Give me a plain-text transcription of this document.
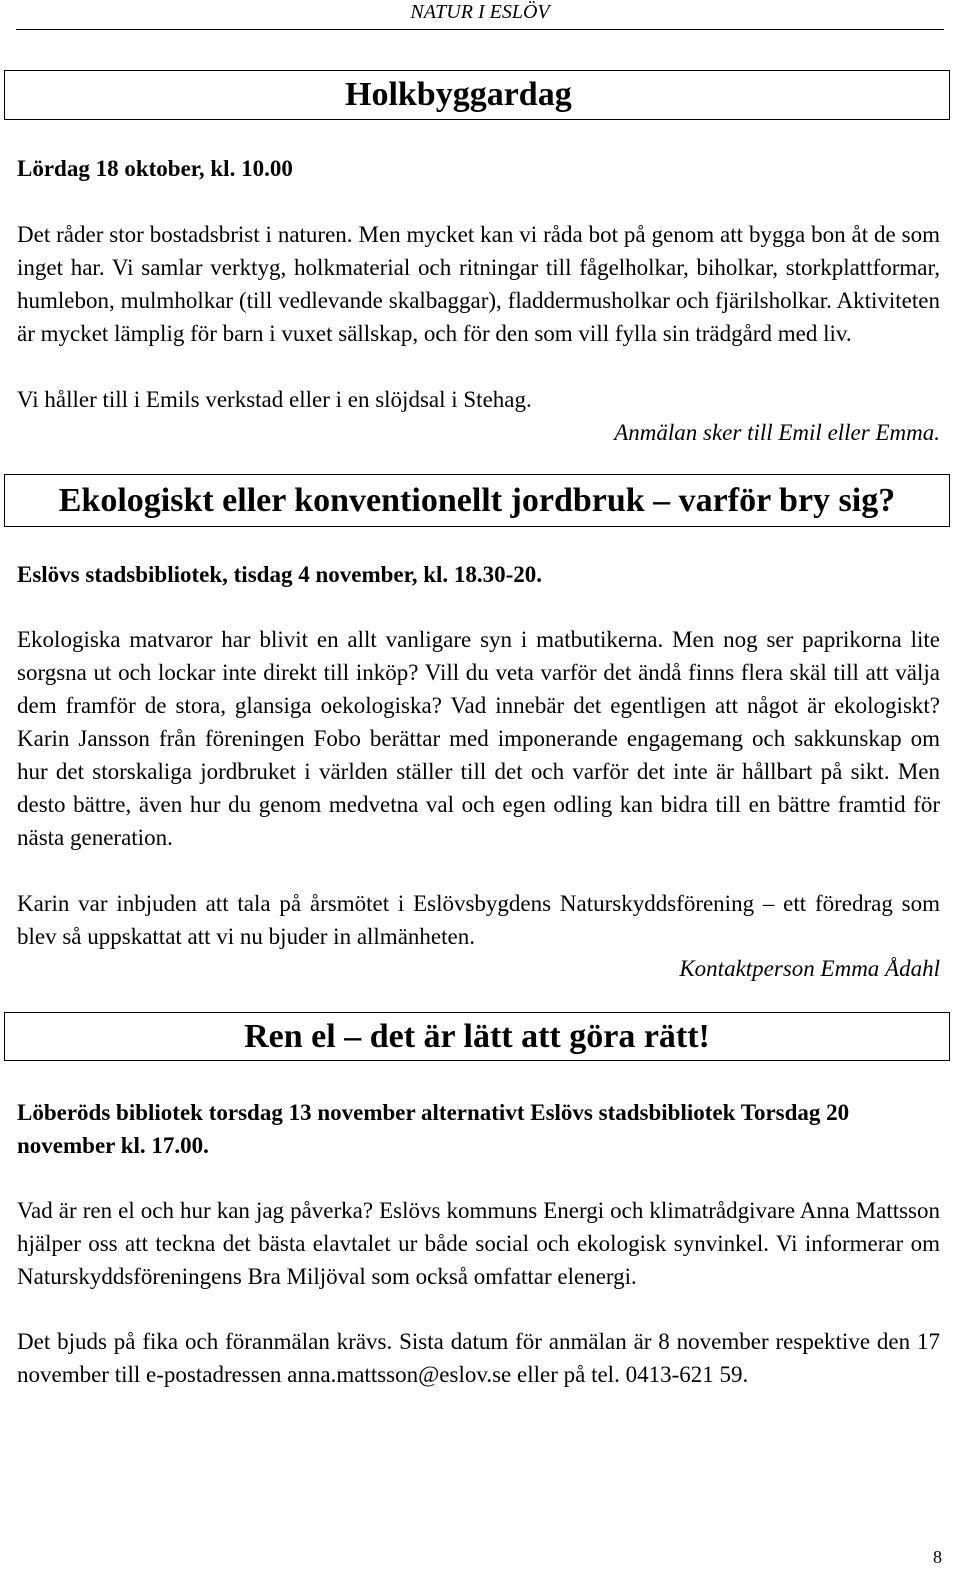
NATUR I ESLÖV
Holkbyggardag

Lördag 18 oktober, kl. 10.00

Det råder stor bostadsbrist i naturen. Men mycket kan vi råda bot på genom att bygga bon åt de som inget har. Vi samlar verktyg, holkmaterial och ritningar till fågelholkar, biholkar, storkplattformar, humlebon, mulmholkar (till vedlevande skalbaggar), fladdermusholkar och fjärilsholkar. Aktiviteten är mycket lämplig för barn i vuxet sällskap, och för den som vill fylla sin trädgård med liv.

Vi håller till i Emils verkstad eller i en slöjdsal i Stehag.

Anmälan sker till Emil eller Emma.

Ekologiskt eller konventionellt jordbruk – varför bry sig?

Eslövs stadsbibliotek, tisdag 4 november, kl. 18.30-20.

Ekologiska matvaror har blivit en allt vanligare syn i matbutikerna. Men nog ser paprikorna lite sorgsna ut och lockar inte direkt till inköp? Vill du veta varför det ändå finns flera skäl till att välja dem framför de stora, glansiga oekologiska? Vad innebär det egentligen att något är ekologiskt? Karin Jansson från föreningen Fobo berättar med imponerande engagemang och sakkunskap om hur det storskaliga jordbruket i världen ställer till det och varför det inte är hållbart på sikt. Men desto bättre, även hur du genom medvetna val och egen odling kan bidra till en bättre framtid för nästa generation.

Karin var inbjuden att tala på årsmötet i Eslövsbygdens Naturskyddsförening – ett föredrag som blev så uppskattat att vi nu bjuder in allmänheten.

Kontaktperson Emma Ådahl

Ren el – det är lätt att göra rätt!

Löberöds bibliotek torsdag 13 november alternativt Eslövs stadsbibliotek Torsdag 20 november kl. 17.00.

Vad är ren el och hur kan jag påverka? Eslövs kommuns Energi och klimatrådgivare Anna Mattsson hjälper oss att teckna det bästa elavtalet ur både social och ekologisk synvinkel. Vi informerar om Naturskyddsföreningens Bra Miljöval som också omfattar elenergi.

Det bjuds på fika och föranmälan krävs. Sista datum för anmälan är 8 november respektive den 17 november till e-postadressen anna.mattsson@eslov.se eller på tel. 0413-621 59.

8
